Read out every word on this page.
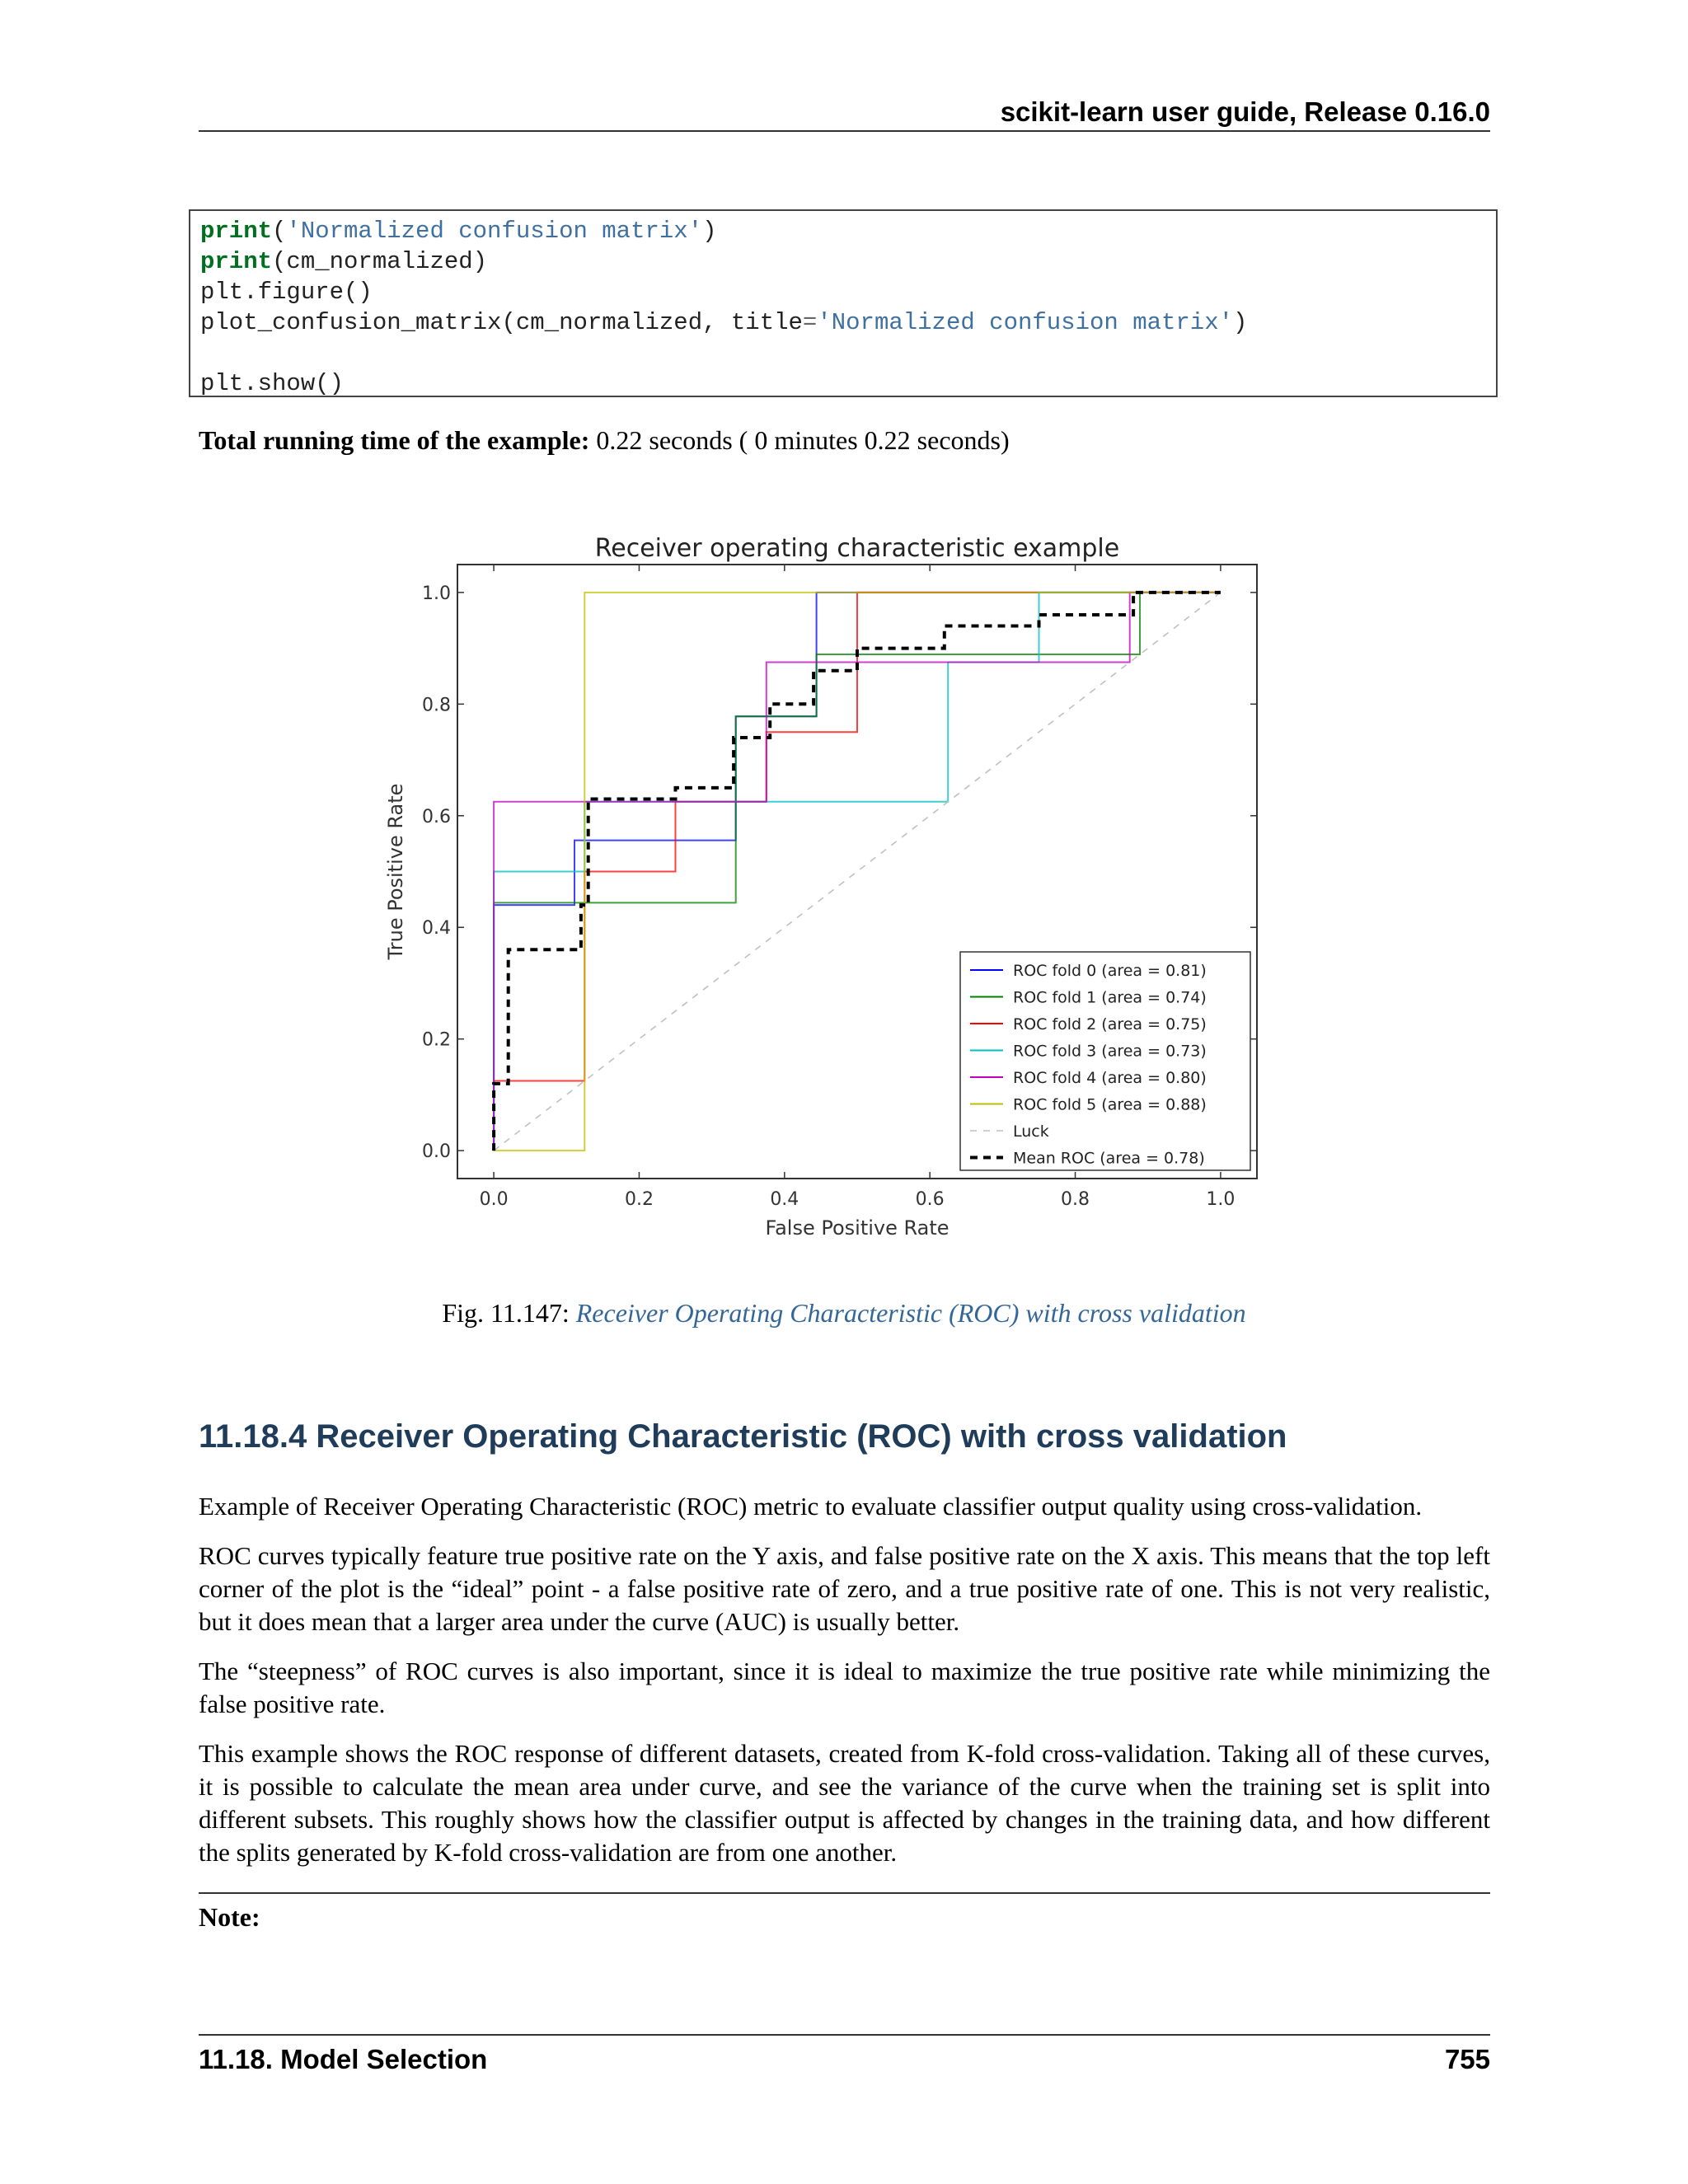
scikit-learn user guide, Release 0.16.0
print('Normalized confusion matrix')
print(cm_normalized)
plt.figure()
plot_confusion_matrix(cm_normalized, title='Normalized confusion matrix')
plt.show()
Total running time of the example: 0.22 seconds ( 0 minutes 0.22 seconds)
Receiver operating characteristic example
0.0
0.0
0.2
0.2
0.4
0.4
0.6
0.6
0.8
0.8
1.0
1.0
False Positive Rate
True Positive Rate
ROC fold 0 (area = 0.81)
ROC fold 1 (area = 0.74)
ROC fold 2 (area = 0.75)
ROC fold 3 (area = 0.73)
ROC fold 4 (area = 0.80)
ROC fold 5 (area = 0.88)
Luck
Mean ROC (area = 0.78)
Fig. 11.147: Receiver Operating Characteristic (ROC) with cross validation
11.18.4 Receiver Operating Characteristic (ROC) with cross validation

Example of Receiver Operating Characteristic (ROC) metric to evaluate classifier output quality using cross-validation.

ROC curves typically feature true positive rate on the Y axis, and false positive rate on the X axis. This means that the top left corner of the plot is the “ideal” point - a false positive rate of zero, and a true positive rate of one. This is not very realistic, but it does mean that a larger area under the curve (AUC) is usually better.

The “steepness” of ROC curves is also important, since it is ideal to maximize the true positive rate while minimizing the false positive rate.

This example shows the ROC response of different datasets, created from K-fold cross-validation. Taking all of these curves, it is possible to calculate the mean area under curve, and see the variance of the curve when the training set is split into different subsets. This roughly shows how the classifier output is affected by changes in the training data, and how different the splits generated by K-fold cross-validation are from one another.

Note:
11.18. Model Selection	755
